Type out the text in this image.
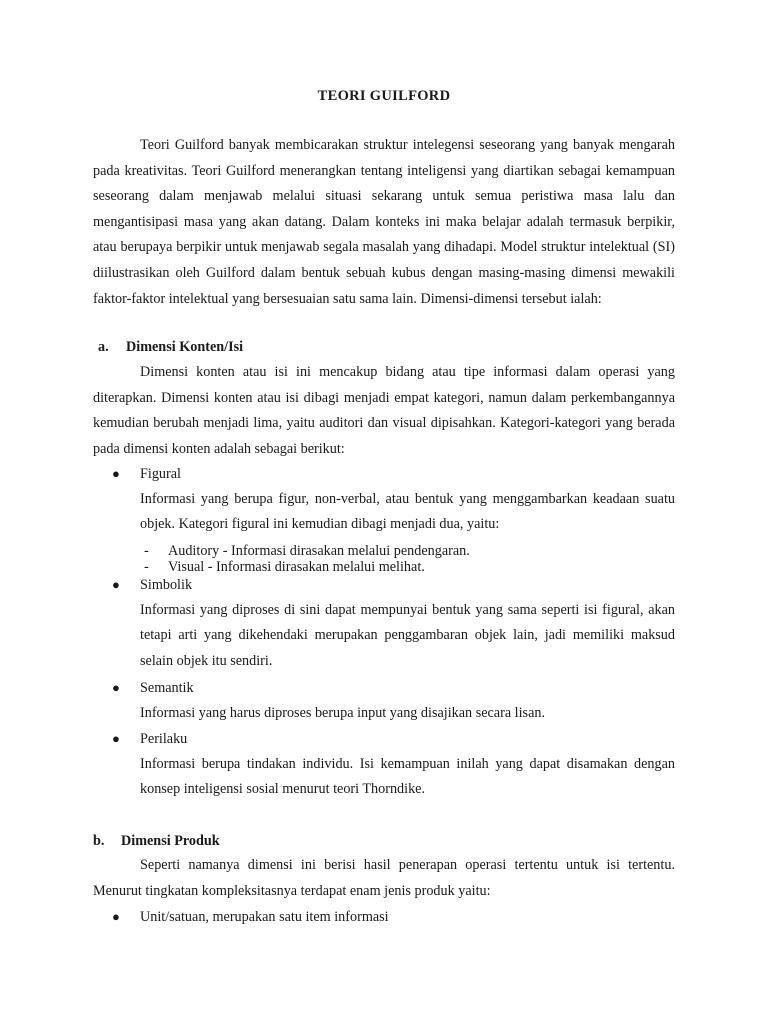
TEORI GUILFORD

Teori Guilford banyak membicarakan struktur intelegensi seseorang yang banyak mengarah pada kreativitas. Teori Guilford menerangkan tentang inteligensi yang diartikan sebagai kemampuan seseorang dalam menjawab melalui situasi sekarang untuk semua peristiwa masa lalu dan mengantisipasi masa yang akan datang. Dalam konteks ini maka belajar adalah termasuk berpikir, atau berupaya berpikir untuk menjawab segala masalah yang dihadapi. Model struktur intelektual (SI) diilustrasikan oleh Guilford dalam bentuk sebuah kubus dengan masing-masing dimensi mewakili faktor-faktor intelektual yang bersesuaian satu sama lain. Dimensi-dimensi tersebut ialah:

a. Dimensi Konten/Isi

Dimensi konten atau isi ini mencakup bidang atau tipe informasi dalam operasi yang diterapkan. Dimensi konten atau isi dibagi menjadi empat kategori, namun dalam perkembangannya kemudian berubah menjadi lima, yaitu auditori dan visual dipisahkan. Kategori-kategori yang berada pada dimensi konten adalah sebagai berikut:

● Figural

Informasi yang berupa figur, non-verbal, atau bentuk yang menggambarkan keadaan suatu objek. Kategori figural ini kemudian dibagi menjadi dua, yaitu:

- Auditory - Informasi dirasakan melalui pendengaran.
- Visual - Informasi dirasakan melalui melihat.
● Simbolik

Informasi yang diproses di sini dapat mempunyai bentuk yang sama seperti isi figural, akan tetapi arti yang dikehendaki merupakan penggambaran objek lain, jadi memiliki maksud selain objek itu sendiri.

● Semantik

Informasi yang harus diproses berupa input yang disajikan secara lisan.

● Perilaku

Informasi berupa tindakan individu. Isi kemampuan inilah yang dapat disamakan dengan konsep inteligensi sosial menurut teori Thorndike.

b. Dimensi Produk

Seperti namanya dimensi ini berisi hasil penerapan operasi tertentu untuk isi tertentu. Menurut tingkatan kompleksitasnya terdapat enam jenis produk yaitu:

● Unit/satuan, merupakan satu item informasi
